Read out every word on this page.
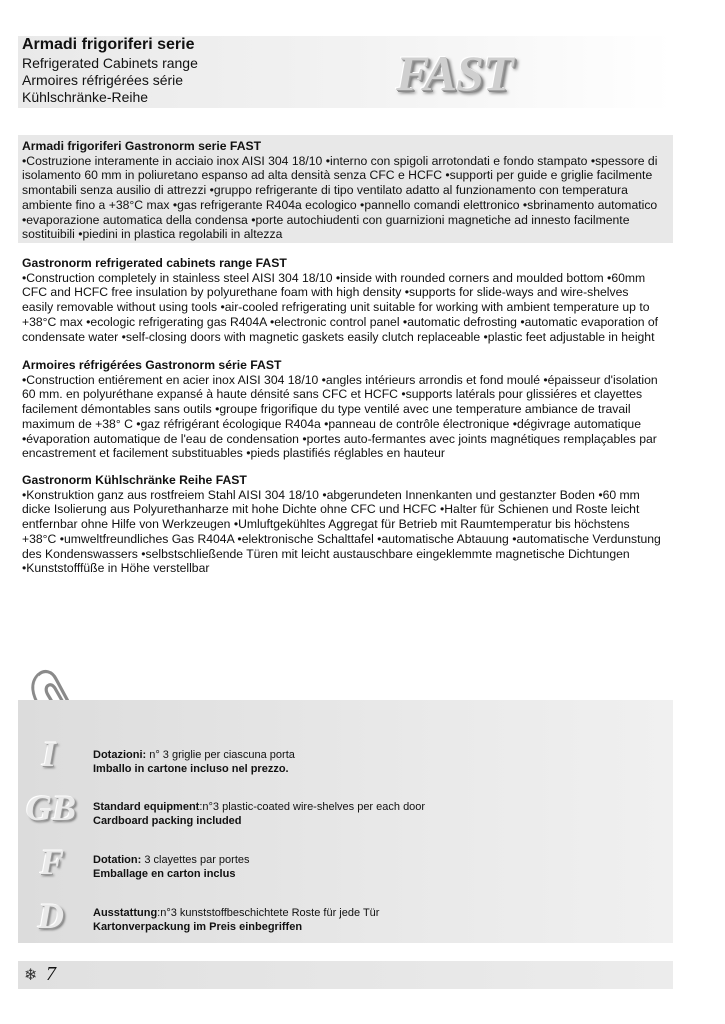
Armadi frigoriferi serie
Refrigerated Cabinets range
Armoires réfrigérées série
Kühlschränke-Reihe	FAST

Armadi frigoriferi Gastronorm serie FAST

•Costruzione interamente in acciaio inox AISI 304 18/10 •interno con spigoli arrotondati e fondo stampato •spessore di isolamento 60 mm in poliuretano espanso ad alta densità senza CFC e HCFC •supporti per guide e griglie facilmente smontabili senza ausilio di attrezzi •gruppo refrigerante di tipo ventilato adatto al funzionamento con temperatura ambiente fino a +38°C max •gas refrigerante R404a ecologico •pannello comandi elettronico •sbrinamento automatico •evaporazione automatica della condensa •porte autochiudenti con guarnizioni magnetiche ad innesto facilmente sostituibili •piedini in plastica regolabili in altezza

Gastronorm refrigerated cabinets range FAST

•Construction completely in stainless steel AISI 304 18/10 •inside with rounded corners and moulded bottom •60mm CFC and HCFC free insulation by polyurethane foam with high density •supports for slide-ways and wire-shelves easily removable without using tools •air-cooled refrigerating unit suitable for working with ambient temperature up to +38°C max •ecologic refrigerating gas R404A •electronic control panel •automatic defrosting •automatic evaporation of condensate water •self-closing doors with magnetic gaskets easily clutch replaceable •plastic feet adjustable in height

Armoires réfrigérées Gastronorm série FAST

•Construction entiérement en acier inox AISI 304 18/10 •angles intérieurs arrondis et fond moulé •épaisseur d'isolation 60 mm. en polyuréthane expansé à haute dénsité sans CFC et HCFC •supports latérals pour glissiéres et clayettes facilement démontables sans outils •groupe frigorifique du type ventilé avec une temperature ambiance de travail maximum de +38° C •gaz réfrigérant écologique R404a •panneau de contrôle électronique •dégivrage automatique •évaporation automatique de l'eau de condensation •portes auto-fermantes avec joints magnétiques remplaçables par encastrement et facilement substituables •pieds plastifiés réglables en hauteur

Gastronorm Kühlschränke Reihe FAST

•Konstruktion ganz aus rostfreiem Stahl AISI 304 18/10 •abgerundeten Innenkanten und gestanzter Boden •60 mm dicke Isolierung aus Polyurethanharze mit hohe Dichte ohne CFC und HCFC •Halter für Schienen und Roste leicht entfernbar ohne Hilfe von Werkzeugen •Umluftgekühltes Aggregat für Betrieb mit Raumtemperatur bis höchstens +38°C •umweltfreundliches Gas R404A •elektronische Schalttafel •automatische Abtauung •automatische Verdunstung des Kondenswassers •selbstschließende Türen mit leicht austauschbare eingeklemmte magnetische Dichtungen •Kunststofffüße in Höhe verstellbar

I	Dotazioni: n° 3 griglie per ciascuna porta
Imballo in cartone incluso nel prezzo.
GB Standard equipment:n°3 plastic-coated wire-shelves per each door
Cardboard packing included
F	Dotation: 3 clayettes par portes
Emballage en carton inclus
D	Ausstattung:n°3 kunststoffbeschichtete Roste für jede Tür
Kartonverpackung im Preis einbegriffen
❄ 7
